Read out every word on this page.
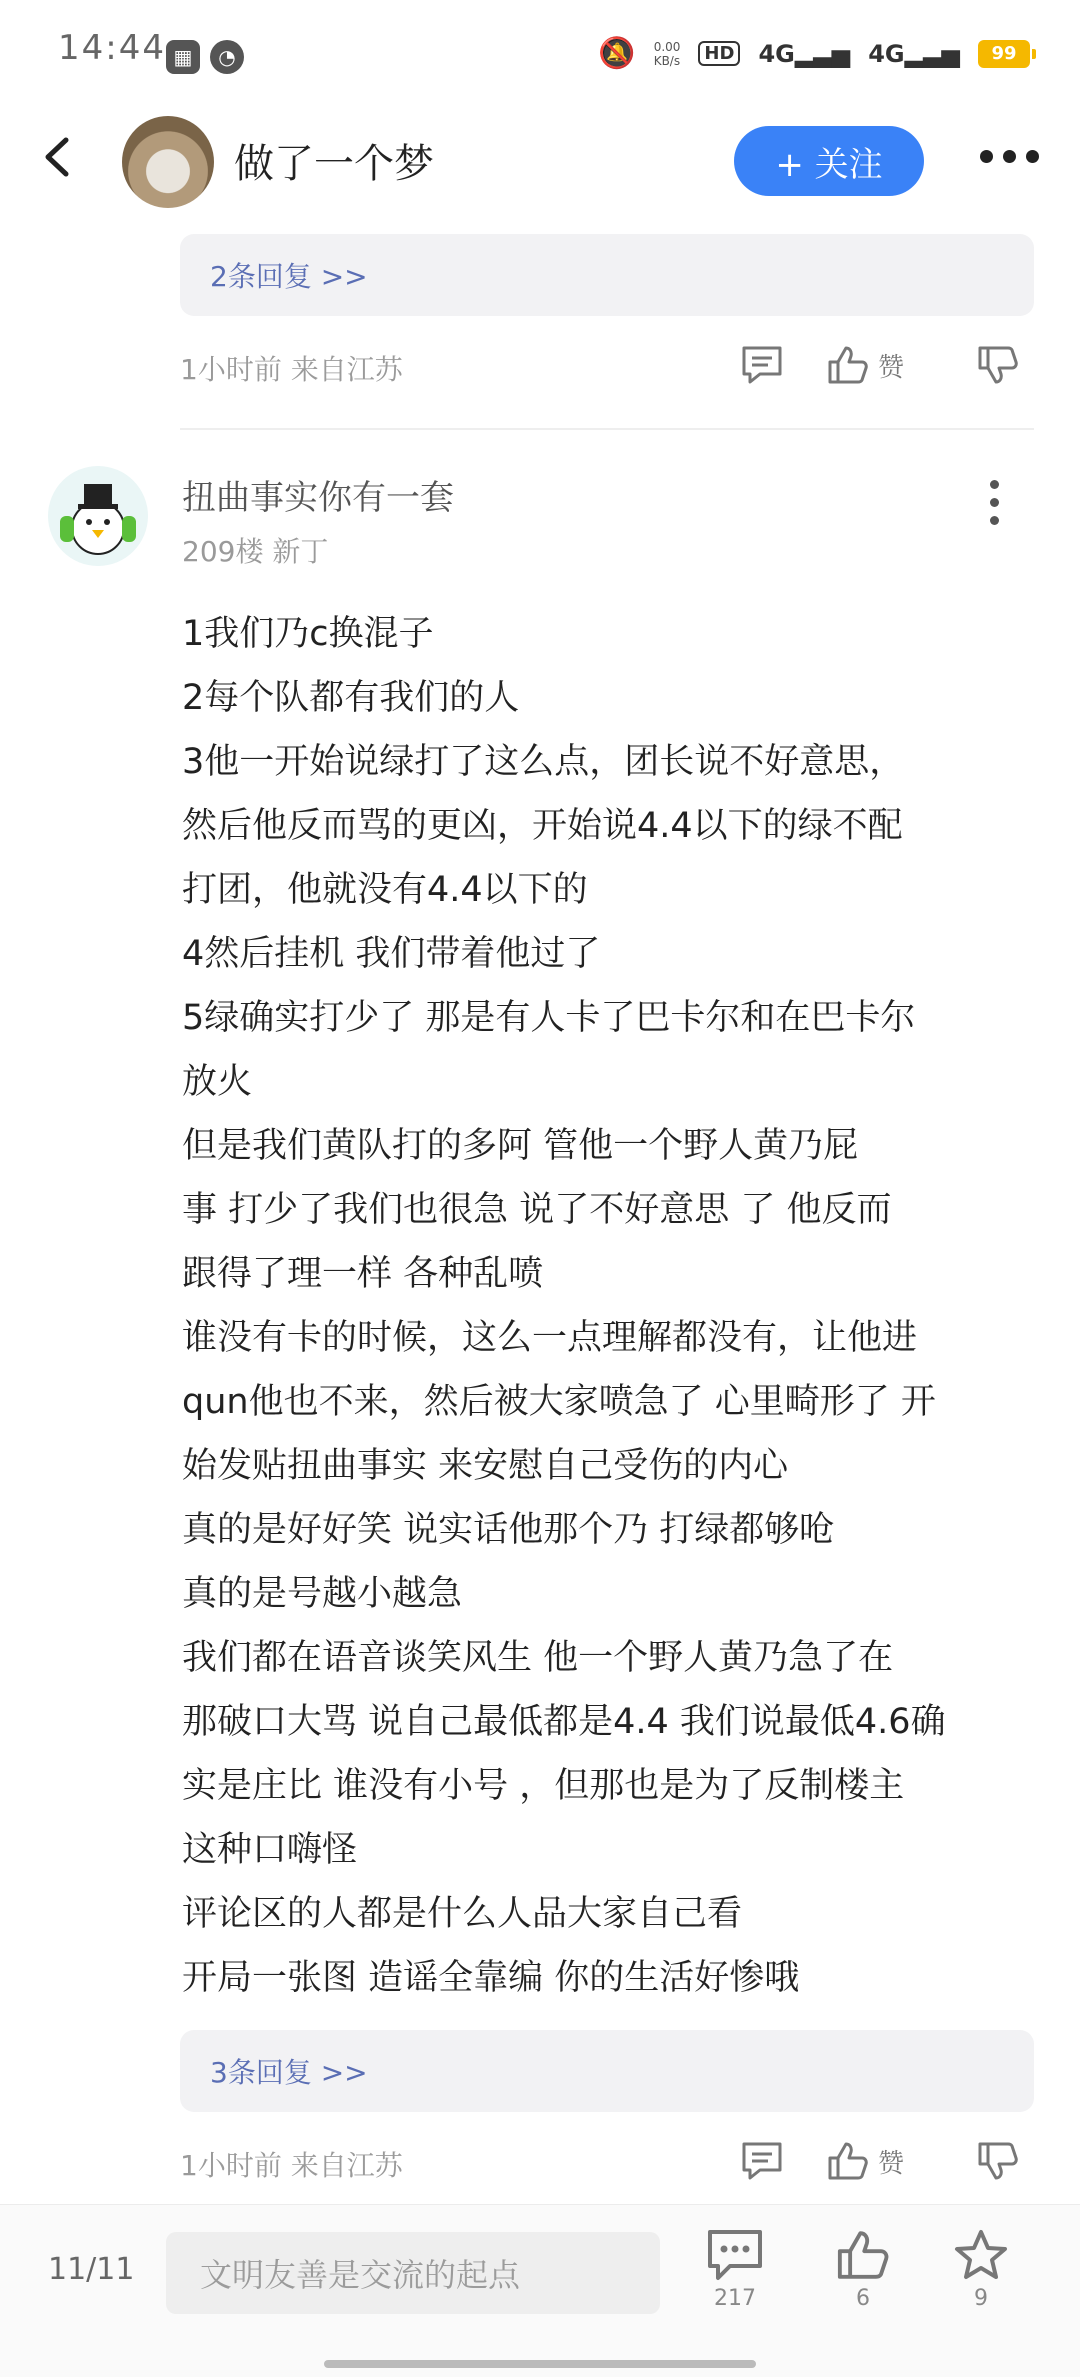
14:44 ▦	◔	🔕 0.00
KB/s	HD 4G▂▃▅ 4G▂▃▅	99
做了一个梦	+ 关注
2条回复 >>
1小时前 来自江苏	赞
扭曲事实你有一套
209楼 新丁
1我们乃c换混子
2每个队都有我们的人
3他一开始说绿打了这么点，团长说不好意思，
然后他反而骂的更凶，开始说4.4以下的绿不配
打团，他就没有4.4以下的
4然后挂机 我们带着他过了
5绿确实打少了 那是有人卡了巴卡尔和在巴卡尔
放火
但是我们黄队打的多阿 管他一个野人黄乃屁
事 打少了我们也很急 说了不好意思 了 他反而
跟得了理一样 各种乱喷
谁没有卡的时候，这么一点理解都没有，让他进
qun他也不来，然后被大家喷急了 心里畸形了 开
始发贴扭曲事实 来安慰自己受伤的内心
真的是好好笑 说实话他那个乃 打绿都够呛
真的是号越小越急
我们都在语音谈笑风生 他一个野人黄乃急了在
那破口大骂 说自己最低都是4.4 我们说最低4.6确
实是庄比 谁没有小号 ，但那也是为了反制楼主
这种口嗨怪
评论区的人都是什么人品大家自己看
开局一张图 造谣全靠编 你的生活好惨哦
3条回复 >>
1小时前 来自江苏	赞
11/11	文明友善是交流的起点
217	6	9
